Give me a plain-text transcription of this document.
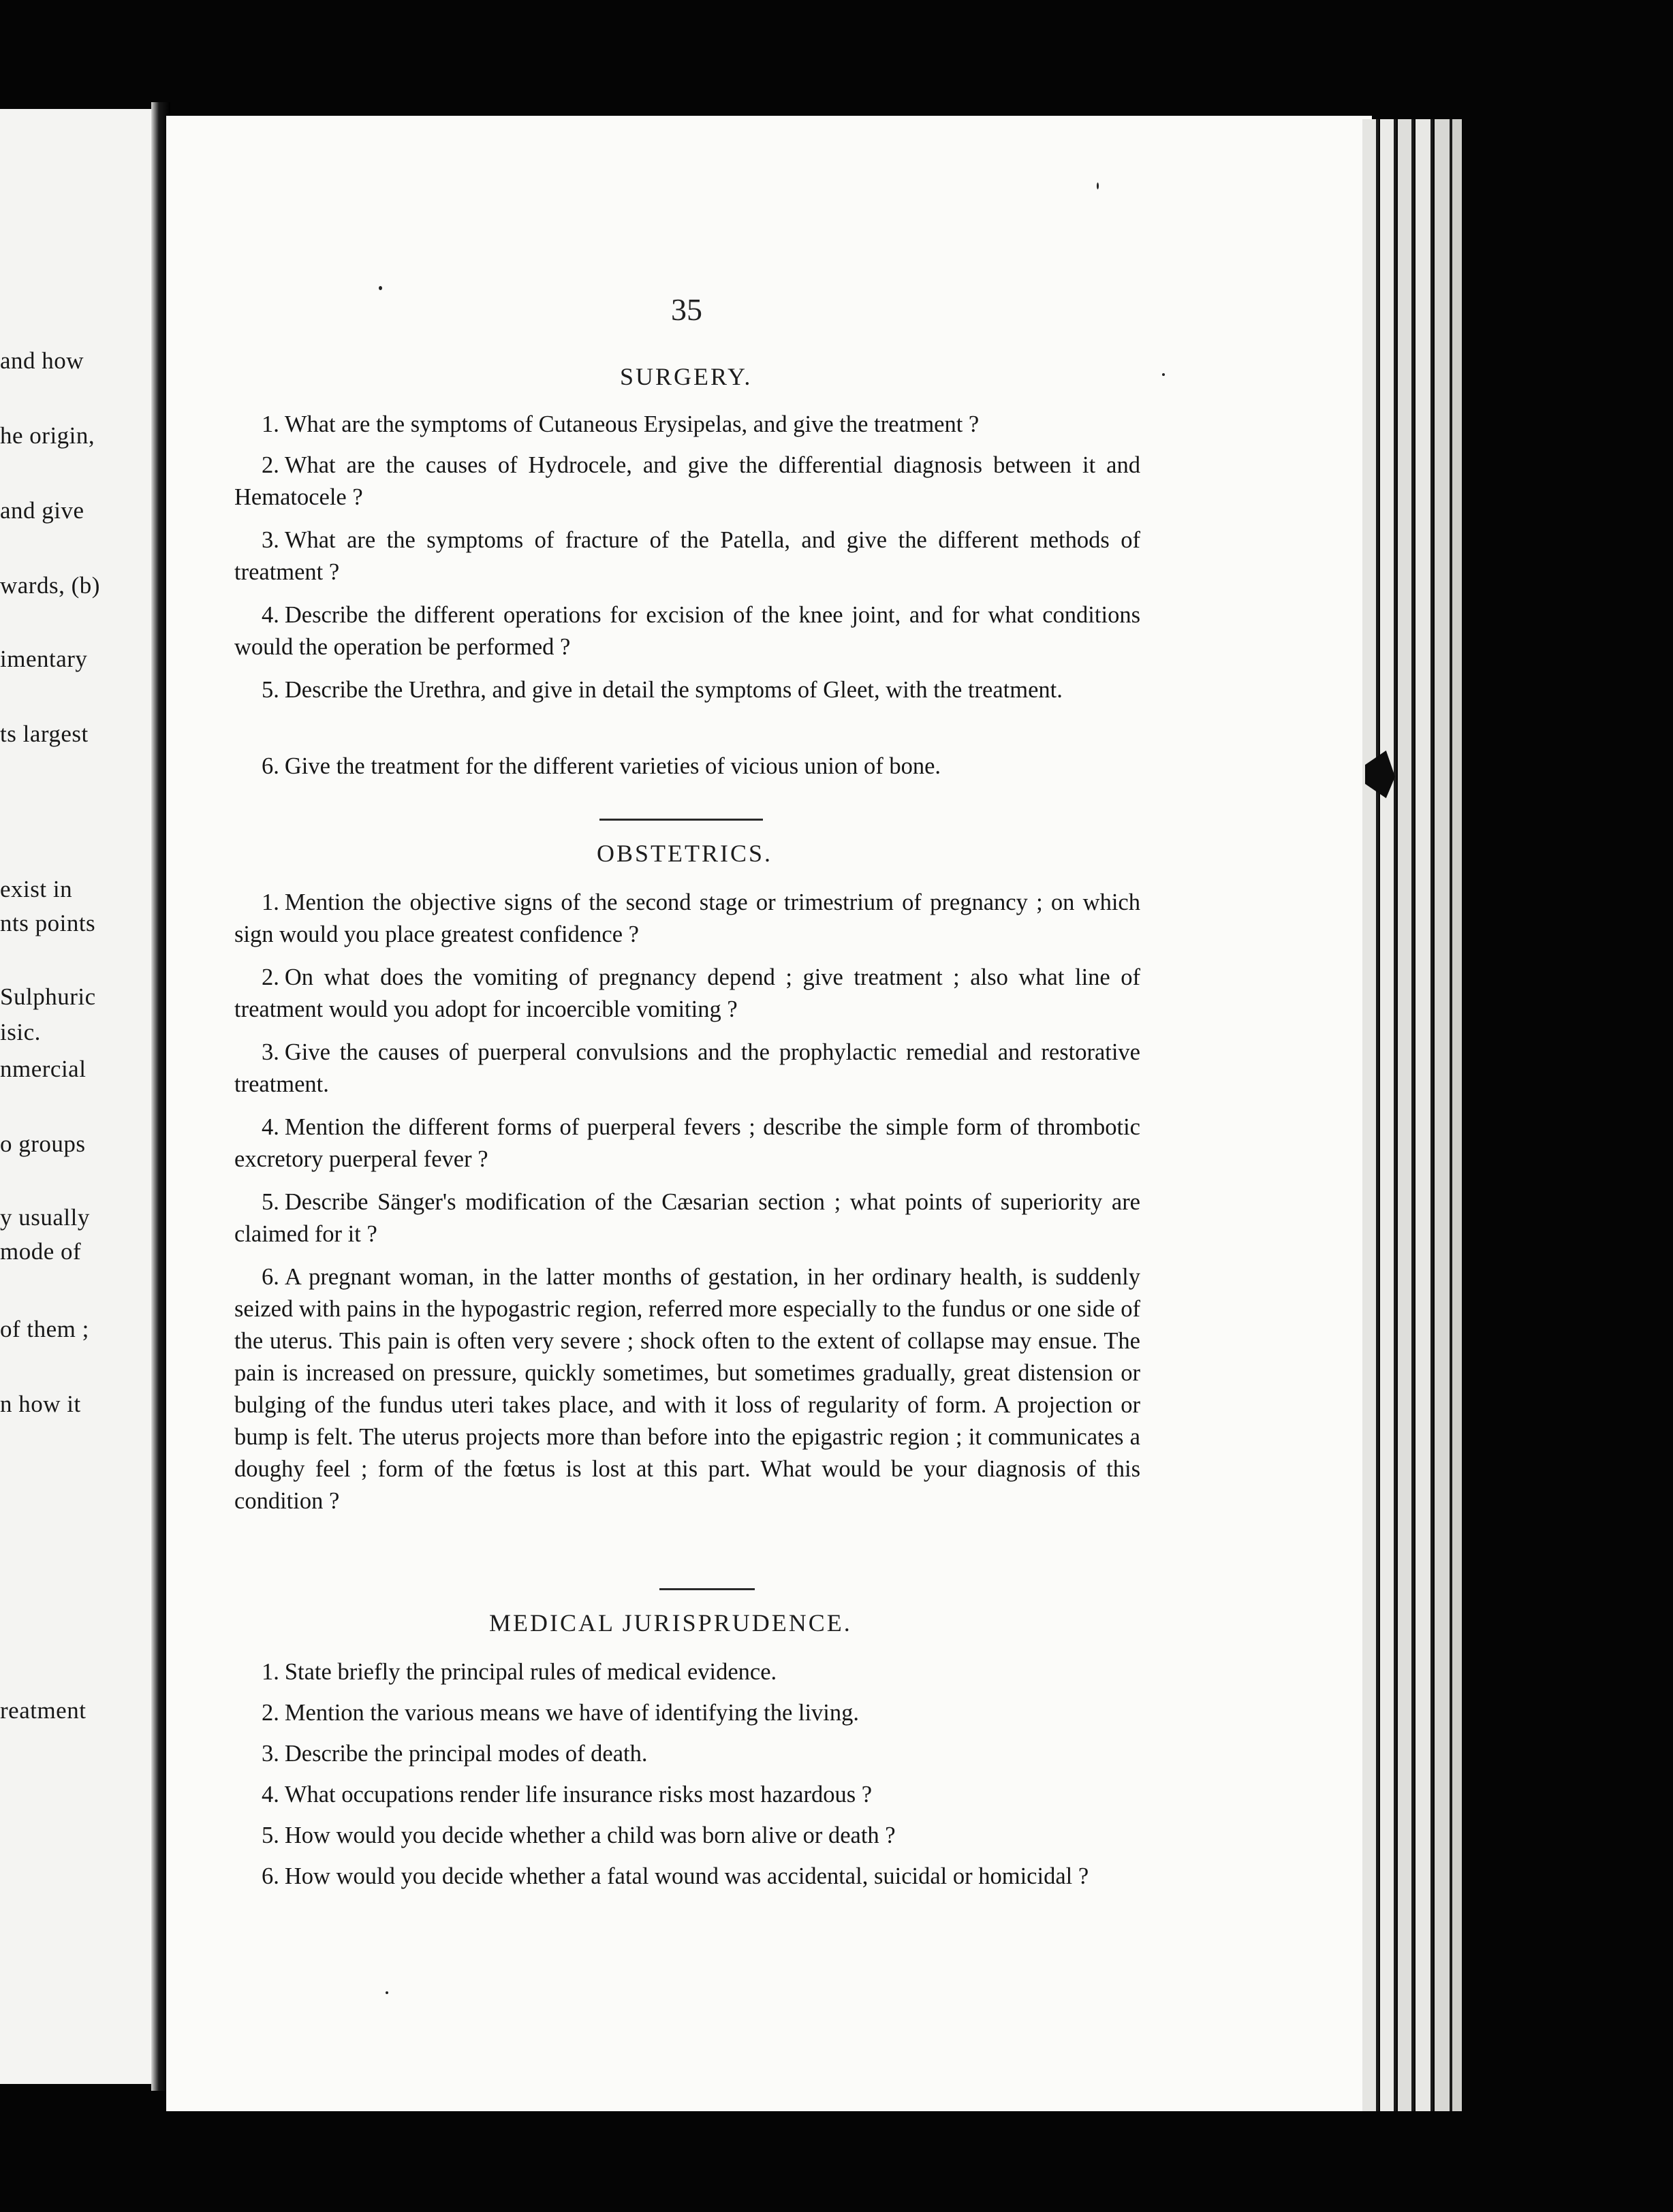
and how
he origin,
and give
wards, (b)
imentary
ts largest
exist in
nts points
Sulphuric
isic.
nmercial
o groups
y usually
mode of
of them ;
n how it
reatment
35
SURGERY.
1. What are the symptoms of Cutaneous Erysipelas, and give the treatment ?
2. What are the causes of Hydrocele, and give the differential diagnosis between it and Hematocele ?
3. What are the symptoms of fracture of the Patella, and give the different methods of treatment ?
4. Describe the different operations for excision of the knee joint, and for what conditions would the operation be performed ?
5. Describe the Urethra, and give in detail the symptoms of Gleet, with the treatment.
6. Give the treatment for the different varieties of vicious union of bone.
OBSTETRICS.
1. Mention the objective signs of the second stage or trimestrium of pregnancy ; on which sign would you place greatest confidence ?
2. On what does the vomiting of pregnancy depend ; give treatment ; also what line of treatment would you adopt for incoercible vomiting ?
3. Give the causes of puerperal convulsions and the prophylactic remedial and restorative treatment.
4. Mention the different forms of puerperal fevers ; describe the simple form of thrombotic excretory puerperal fever ?
5. Describe Sänger's modification of the Cæsarian section ; what points of superiority are claimed for it ?
6. A pregnant woman, in the latter months of gestation, in her ordinary health, is suddenly seized with pains in the hypogastric region, referred more especially to the fundus or one side of the uterus. This pain is often very severe ; shock often to the extent of collapse may ensue. The pain is increased on pressure, quickly sometimes, but sometimes gradually, great distension or bulging of the fundus uteri takes place, and with it loss of regularity of form. A projection or bump is felt. The uterus projects more than before into the epigastric region ; it communicates a doughy feel ; form of the fœtus is lost at this part. What would be your diagnosis of this condition ?
MEDICAL JURISPRUDENCE.
1. State briefly the principal rules of medical evidence.
2. Mention the various means we have of identifying the living.
3. Describe the principal modes of death.
4. What occupations render life insurance risks most hazardous ?
5. How would you decide whether a child was born alive or death ?
6. How would you decide whether a fatal wound was accidental, suicidal or homicidal ?
